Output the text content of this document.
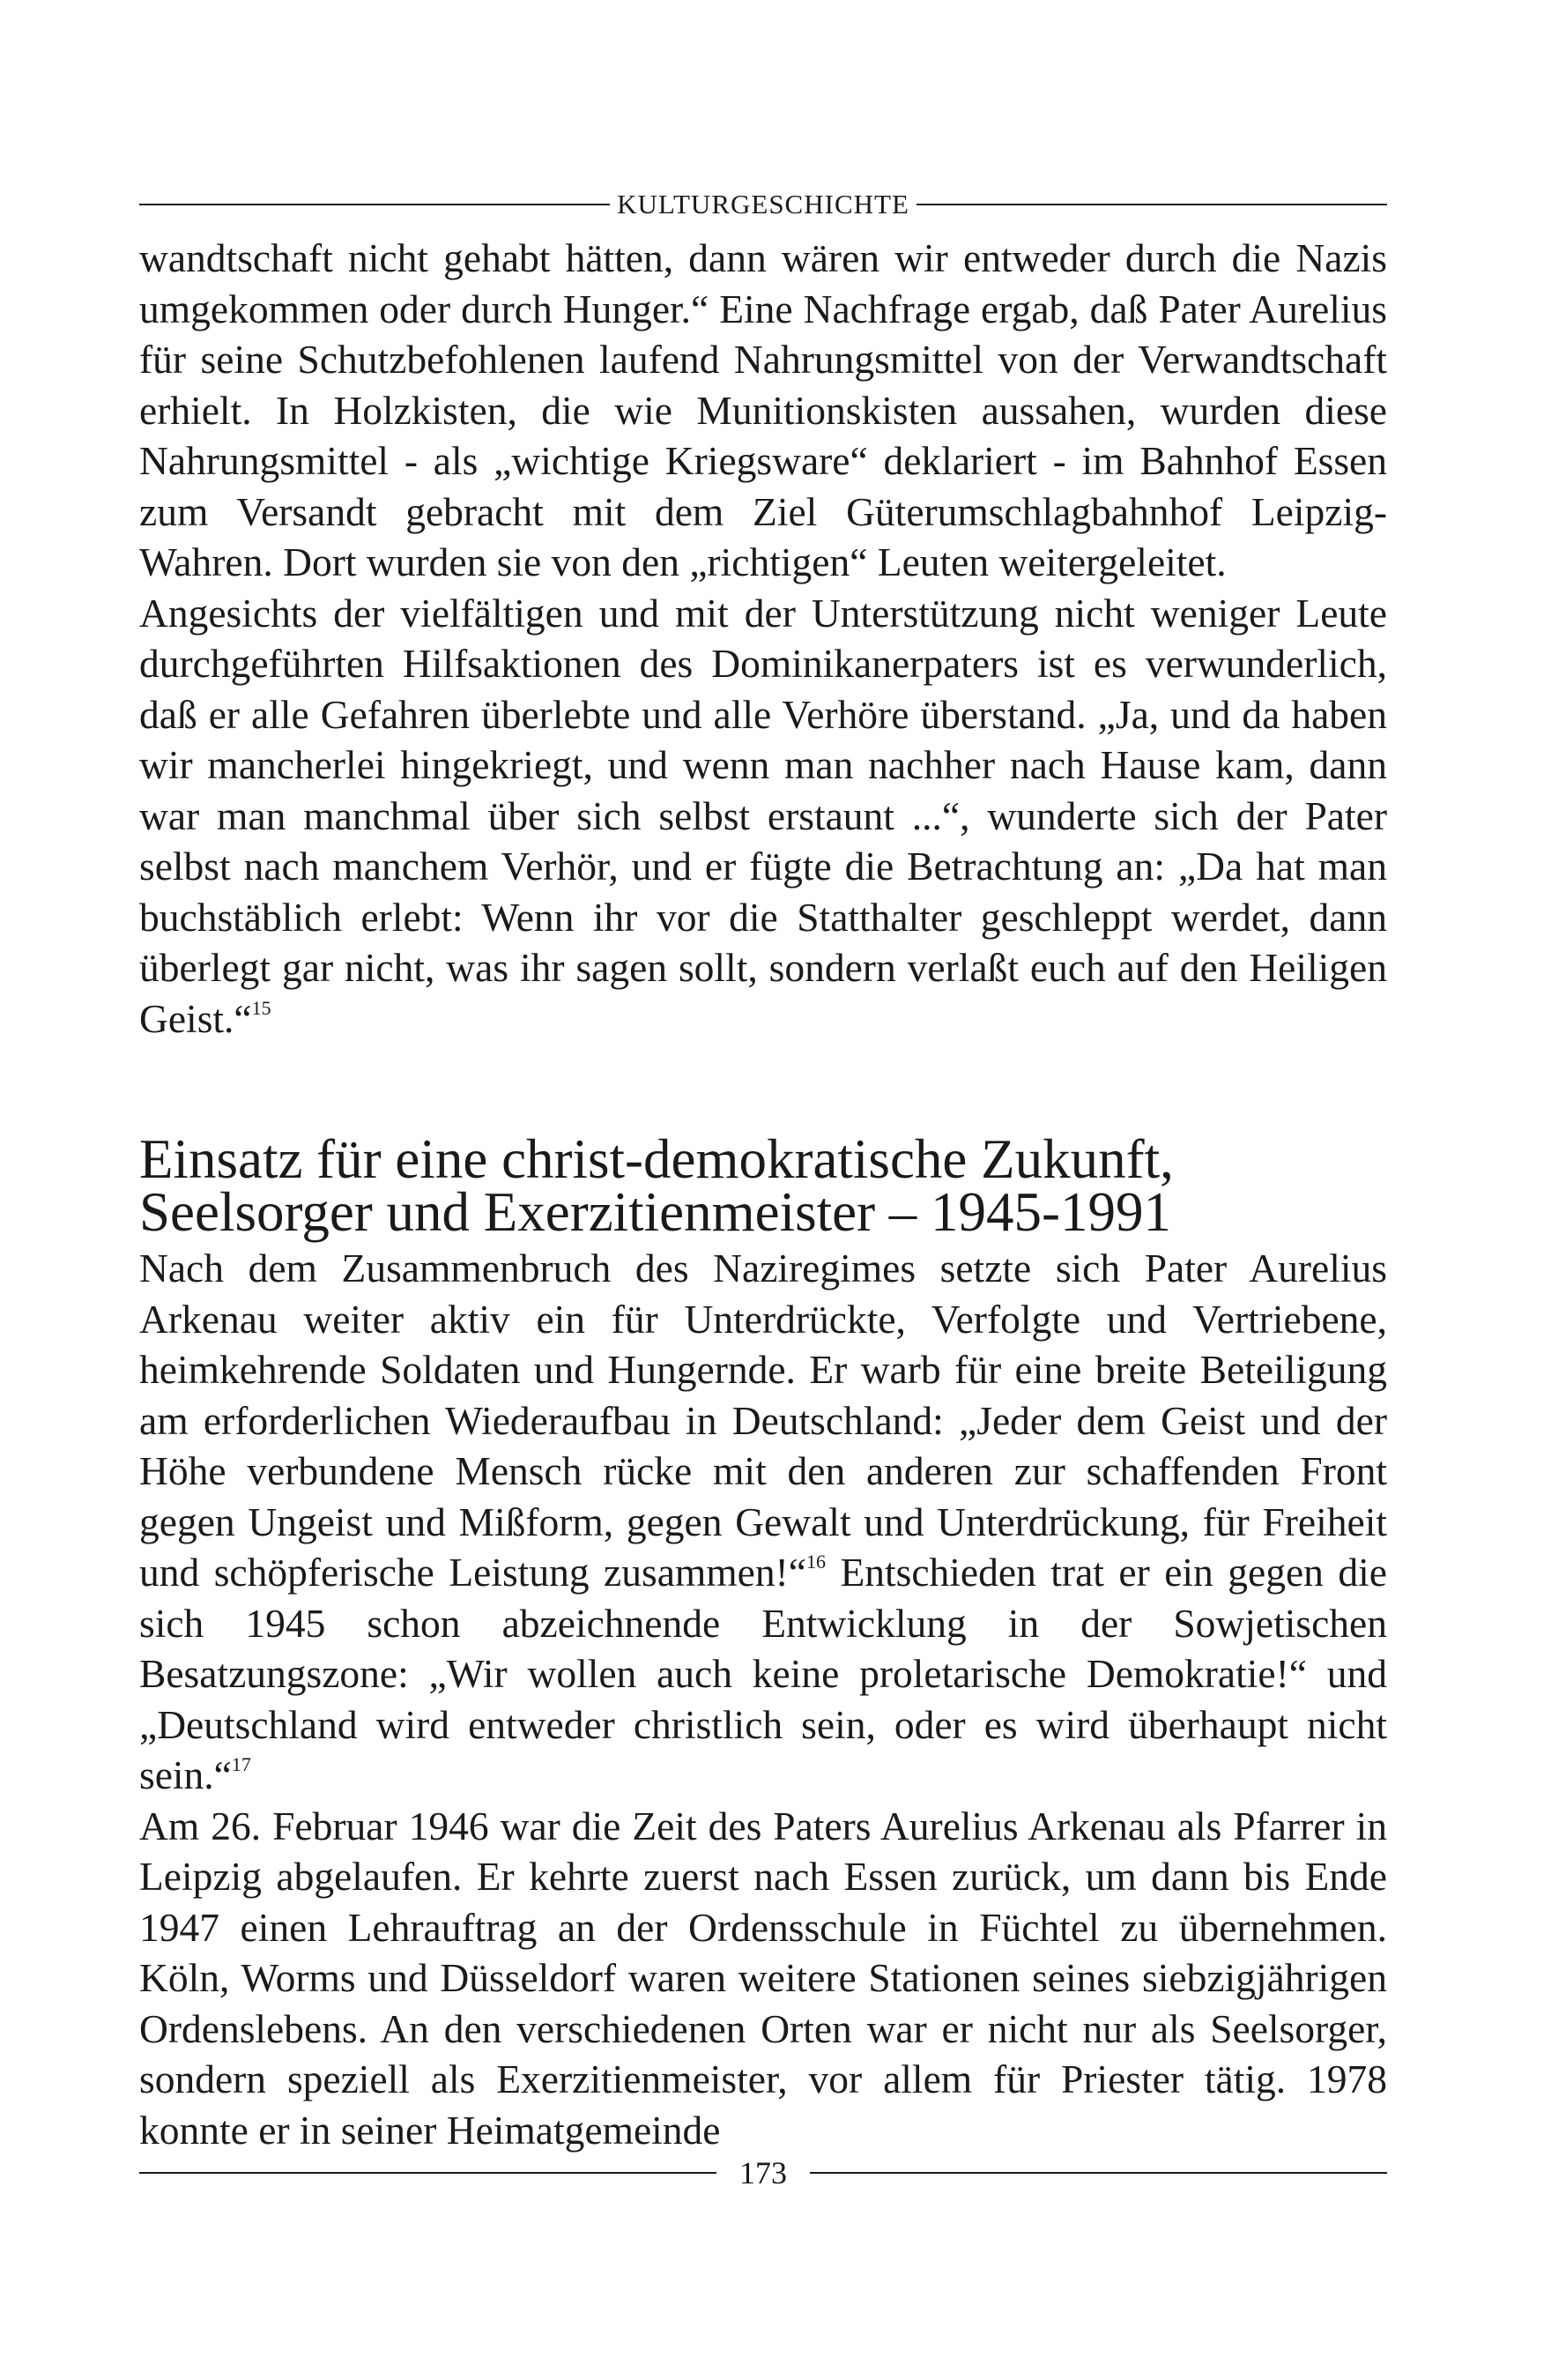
KULTURGESCHICHTE

wandtschaft nicht gehabt hätten, dann wären wir entweder durch die Nazis umgekommen oder durch Hunger.“ Eine Nachfrage ergab, daß Pater Aurelius für seine Schutzbefohlenen laufend Nahrungsmittel von der Verwandtschaft erhielt. In Holzkisten, die wie Munitionskisten aussahen, wurden diese Nahrungsmittel - als „wichtige Kriegsware“ deklariert - im Bahnhof Essen zum Versandt gebracht mit dem Ziel Güterumschlagbahnhof Leipzig-Wahren. Dort wurden sie von den „richtigen“ Leuten weitergeleitet.

Angesichts der vielfältigen und mit der Unterstützung nicht weniger Leute durchgeführten Hilfsaktionen des Dominikanerpaters ist es verwunderlich, daß er alle Gefahren überlebte und alle Verhöre überstand. „Ja, und da haben wir mancherlei hingekriegt, und wenn man nachher nach Hause kam, dann war man manchmal über sich selbst erstaunt ...“, wunderte sich der Pater selbst nach manchem Verhör, und er fügte die Betrachtung an: „Da hat man buchstäblich erlebt: Wenn ihr vor die Statthalter geschleppt werdet, dann überlegt gar nicht, was ihr sagen sollt, sondern verlaßt euch auf den Heiligen Geist.“$^{15}$

Einsatz für eine christ-demokratische Zukunft,
Seelsorger und Exerzitienmeister – 1945-1991

Nach dem Zusammenbruch des Naziregimes setzte sich Pater Aurelius Arkenau weiter aktiv ein für Unterdrückte, Verfolgte und Vertriebene, heimkehrende Soldaten und Hungernde. Er warb für eine breite Beteiligung am erforderlichen Wiederaufbau in Deutschland: „Jeder dem Geist und der Höhe verbundene Mensch rücke mit den anderen zur schaffenden Front gegen Ungeist und Mißform, gegen Gewalt und Unterdrückung, für Freiheit und schöpferische Leistung zusammen!“$^{16}$ Entschieden trat er ein gegen die sich 1945 schon abzeichnende Entwicklung in der Sowjetischen Besatzungszone: „Wir wollen auch keine proletarische Demokratie!“ und „Deutschland wird entweder christlich sein, oder es wird überhaupt nicht sein.“$^{17}$

Am 26. Februar 1946 war die Zeit des Paters Aurelius Arkenau als Pfarrer in Leipzig abgelaufen. Er kehrte zuerst nach Essen zurück, um dann bis Ende 1947 einen Lehrauftrag an der Ordensschule in Füchtel zu übernehmen. Köln, Worms und Düsseldorf waren weitere Stationen seines siebzigjährigen Ordenslebens. An den verschiedenen Orten war er nicht nur als Seelsorger, sondern speziell als Exerzitienmeister, vor allem für Priester tätig. 1978 konnte er in seiner Heimatgemeinde

173
